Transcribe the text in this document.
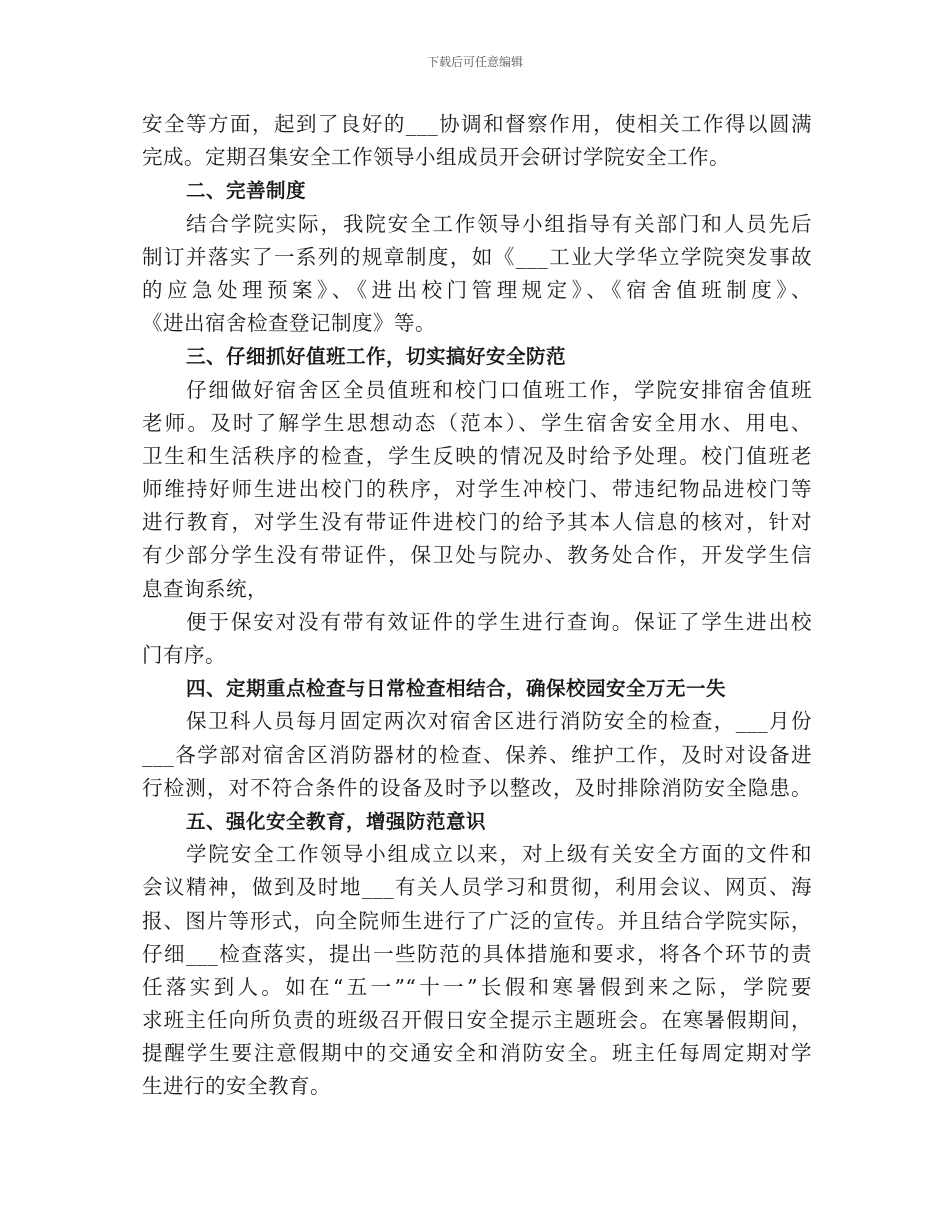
下载后可任意编辑
安全等方面，起到了良好的___协调和督察作用，使相关工作得以圆满
完成。定期召集安全工作领导小组成员开会研讨学院安全工作。
二、完善制度
结合学院实际，我院安全工作领导小组指导有关部门和人员先后
制订并落实了一系列的规章制度，如《___工业大学华立学院突发事故
的应急处理预案》、《进出校门管理规定》、《宿舍值班制度》、
《进出宿舍检查登记制度》等。
三、仔细抓好值班工作，切实搞好安全防范
仔细做好宿舍区全员值班和校门口值班工作，学院安排宿舍值班
老师。及时了解学生思想动态（范本）、学生宿舍安全用水、用电、
卫生和生活秩序的检查，学生反映的情况及时给予处理。校门值班老
师维持好师生进出校门的秩序，对学生冲校门、带违纪物品进校门等
进行教育，对学生没有带证件进校门的给予其本人信息的核对，针对
有少部分学生没有带证件，保卫处与院办、教务处合作，开发学生信
息查询系统，
便于保安对没有带有效证件的学生进行查询。保证了学生进出校
门有序。
四、定期重点检查与日常检查相结合，确保校园安全万无一失
保卫科人员每月固定两次对宿舍区进行消防安全的检查，___月份
___各学部对宿舍区消防器材的检查、保养、维护工作，及时对设备进
行检测，对不符合条件的设备及时予以整改，及时排除消防安全隐患。
五、强化安全教育，增强防范意识
学院安全工作领导小组成立以来，对上级有关安全方面的文件和
会议精神，做到及时地___有关人员学习和贯彻，利用会议、网页、海
报、图片等形式，向全院师生进行了广泛的宣传。并且结合学院实际，
仔细___检查落实，提出一些防范的具体措施和要求，将各个环节的责
任落实到人。如在“五一”“十一”长假和寒暑假到来之际，学院要
求班主任向所负责的班级召开假日安全提示主题班会。在寒暑假期间，
提醒学生要注意假期中的交通安全和消防安全。班主任每周定期对学
生进行的安全教育。
